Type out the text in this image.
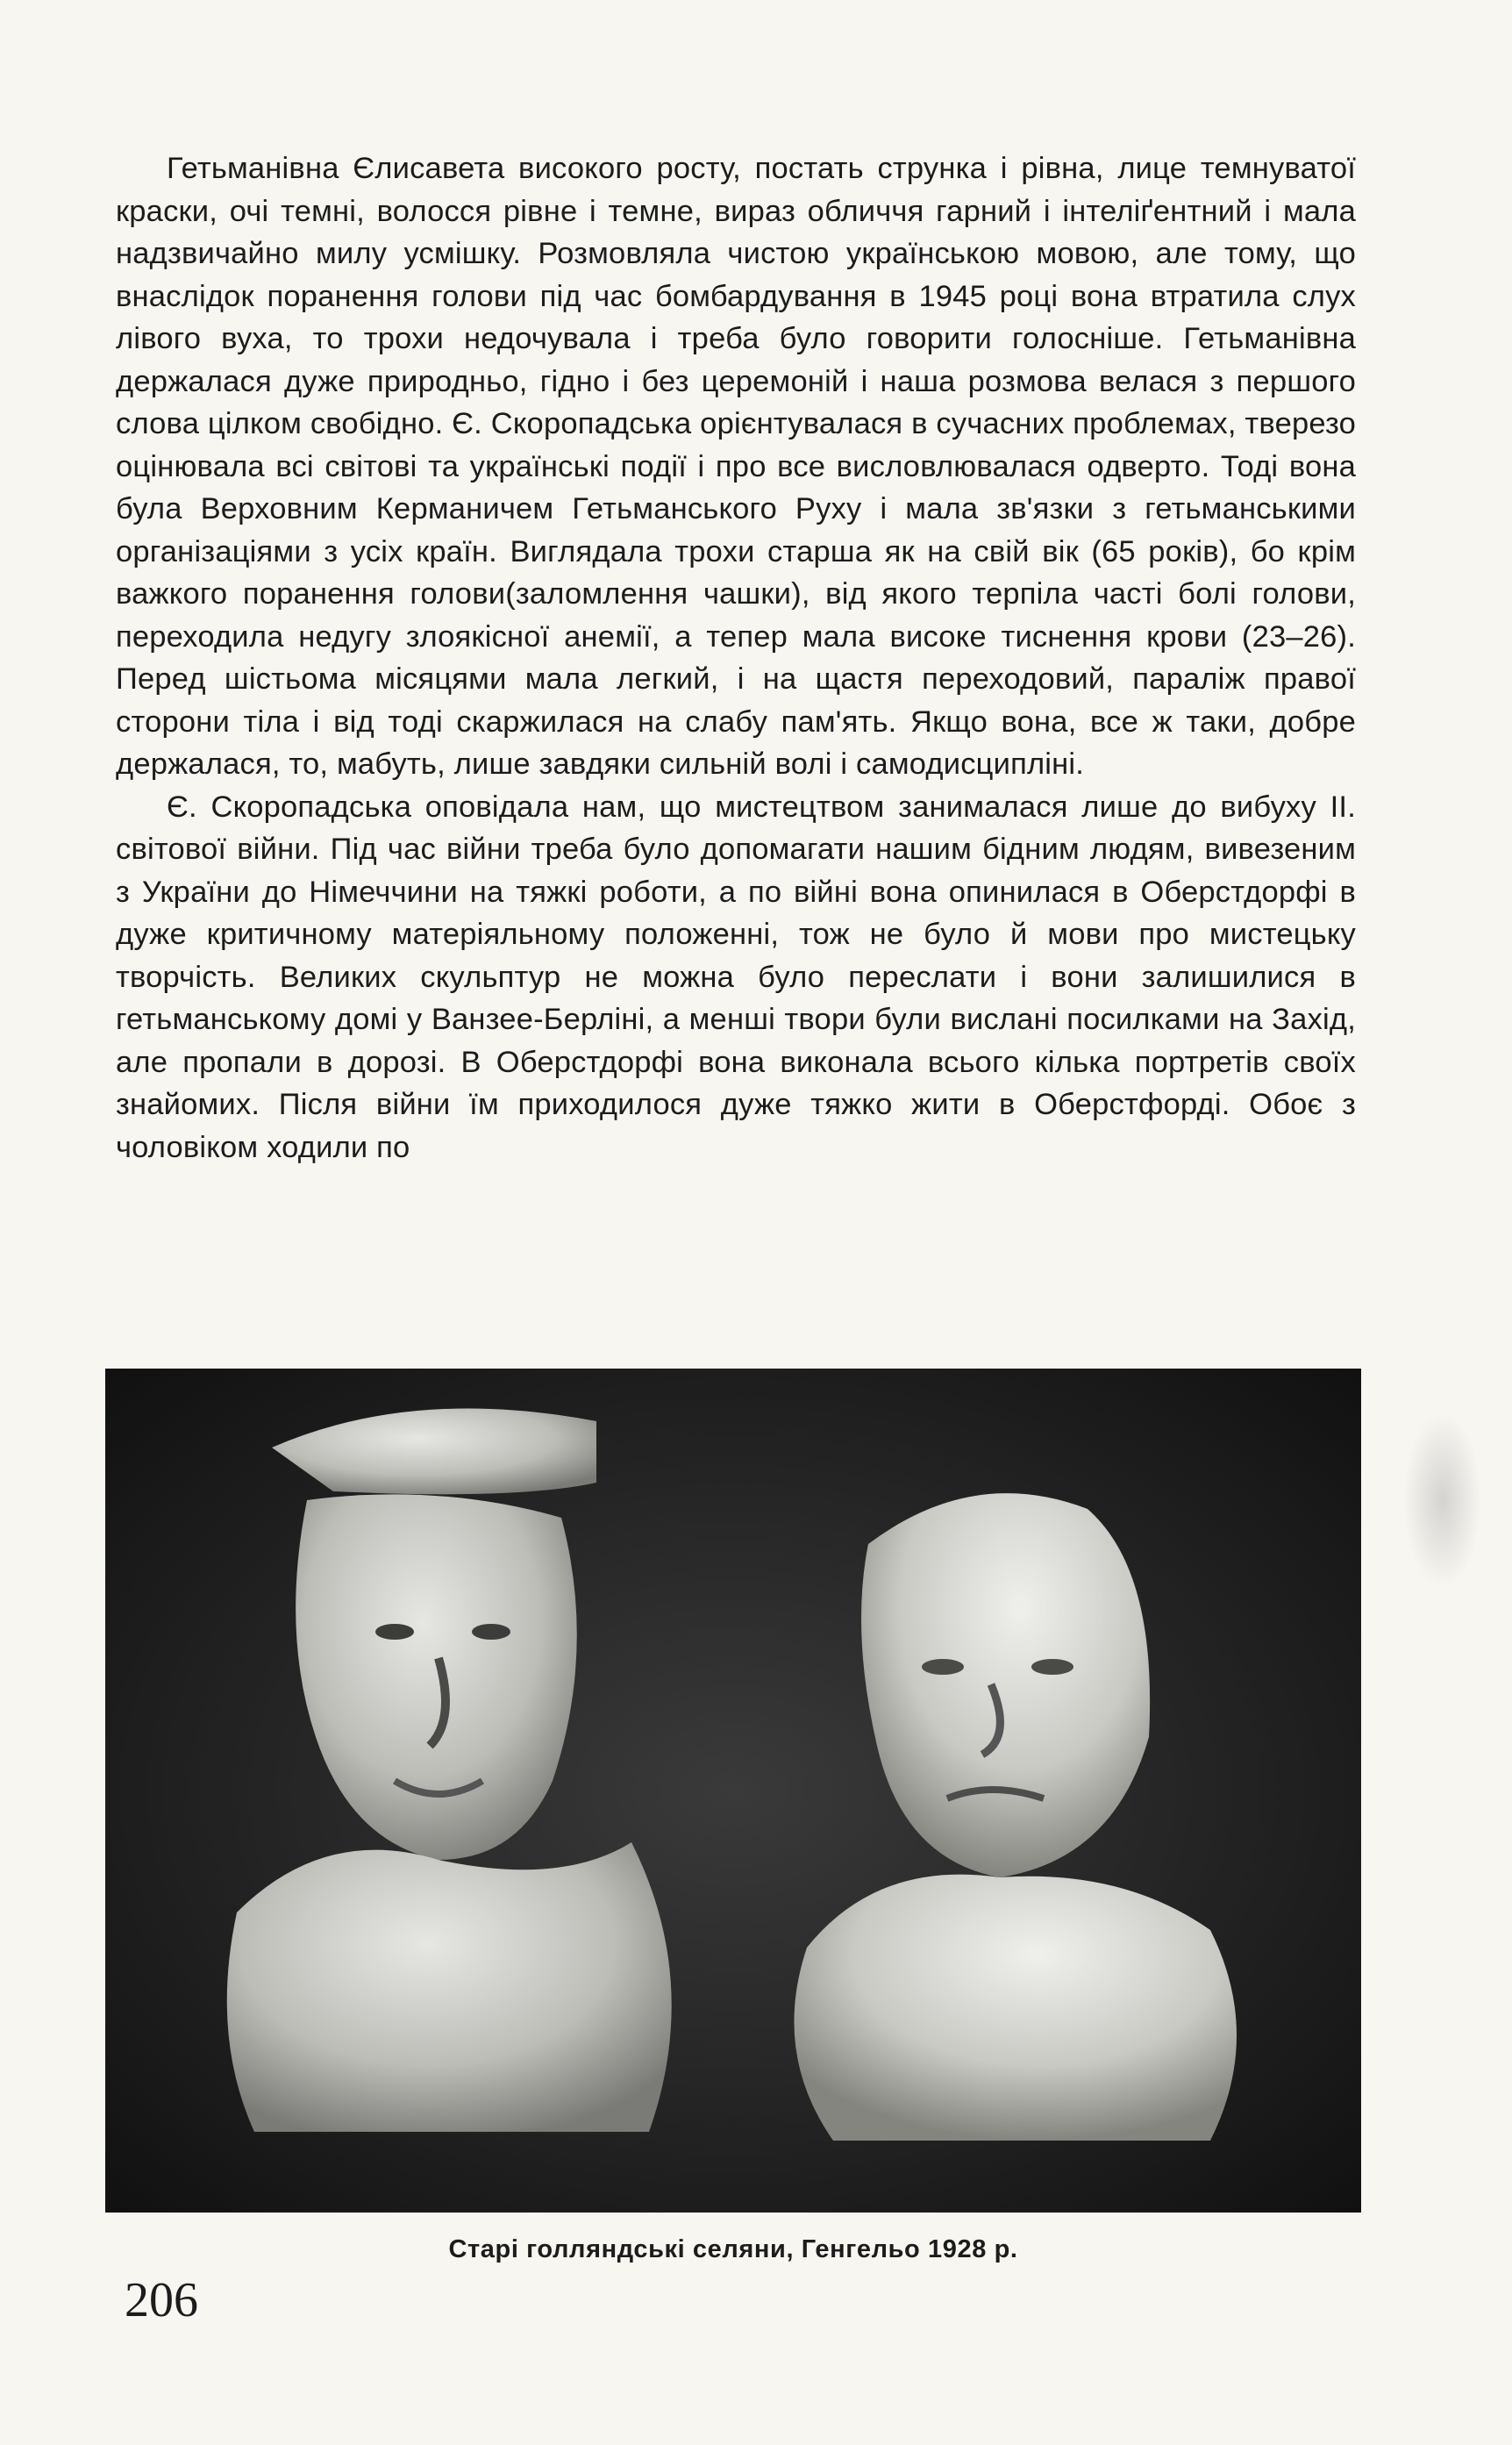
Гетьманівна Єлисавета високого росту, постать струнка і рівна, лице темнуватої краски, очі темні, волосся рівне і темне, вираз обличчя гарний і інтеліґентний і мала надзвичайно милу усмішку. Розмовляла чистою українською мовою, але тому, що внаслідок поранення голови під час бомбардування в 1945 році вона втратила слух лівого вуха, то трохи недочувала і треба було говорити голосніше. Гетьманівна держалася дуже природньо, гідно і без церемоній і наша розмова велася з першого слова цілком свобідно. Є. Скоропадська орієнтувалася в сучасних проблемах, тверезо оцінювала всі світові та українські події і про все висловлювалася одверто. Тоді вона була Верховним Керманичем Гетьманського Руху і мала зв'язки з гетьманськими організаціями з усіх країн. Виглядала трохи старша як на свій вік (65 років), бо крім важкого поранення голови(заломлення чашки), від якого терпіла часті болі голови, переходила недугу злоякісної анемії, а тепер мала високе тиснення крови (23–26). Перед шістьома місяцями мала легкий, і на щастя переходовий, параліж правої сторони тіла і від тоді скаржилася на слабу пам'ять. Якщо вона, все ж таки, добре держалася, то, мабуть, лише завдяки сильній волі і самодисципліні.

Є. Скоропадська оповідала нам, що мистецтвом занималася лише до вибуху II. світової війни. Під час війни треба було допомагати нашим бідним людям, вивезеним з України до Німеччини на тяжкі роботи, а по війні вона опинилася в Оберстдорфі в дуже критичному матеріяльному положенні, тож не було й мови про мистецьку творчість. Великих скульптур не можна було переслати і вони залишилися в гетьманському домі у Ванзее-Берліні, а менші твори були вислані посилками на Захід, але пропали в дорозі. В Оберстдорфі вона виконала всього кілька портретів своїх знайомих. Після війни їм приходилося дуже тяжко жити в Оберстфорді. Обоє з чоловіком ходили по

Старі голляндські селяни, Генгельо 1928 р.
206
